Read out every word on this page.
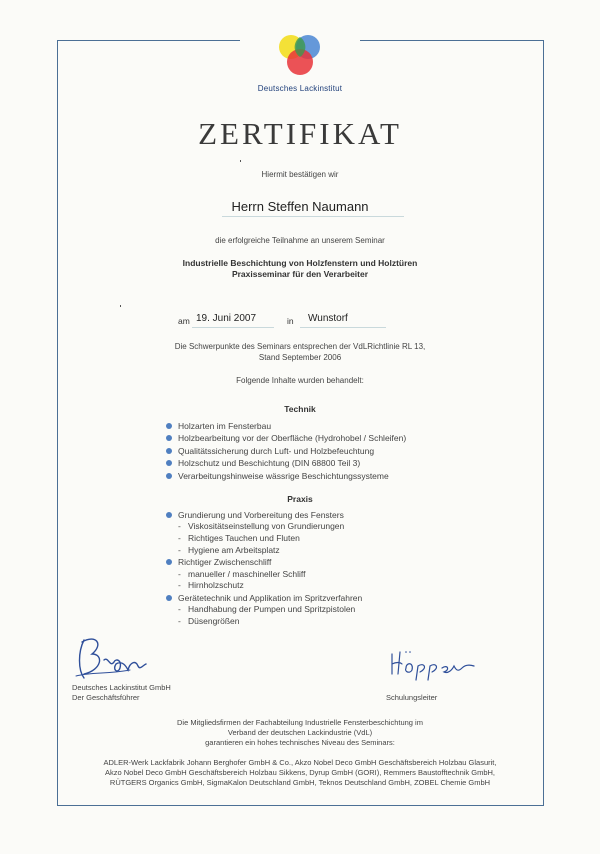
Deutsches Lackinstitut
ZERTIFIKAT
Hiermit bestätigen wir
Herrn Steffen Naumann
die erfolgreiche Teilnahme an unserem Seminar
Industrielle Beschichtung von Holzfenstern und Holztüren
Praxisseminar für den Verarbeiter
am 19. Juni 2007	in Wunstorf
Die Schwerpunkte des Seminars entsprechen der VdLRichtlinie RL 13,
Stand September 2006
Folgende Inhalte wurden behandelt:
Technik
Holzarten im Fensterbau
Holzbearbeitung vor der Oberfläche (Hydrohobel / Schleifen)
Qualitätssicherung durch Luft- und Holzbefeuchtung
Holzschutz und Beschichtung (DIN 68800 Teil 3)
Verarbeitungshinweise wässrige Beschichtungssysteme
Praxis
Grundierung und Vorbereitung des Fensters
- Viskositätseinstellung von Grundierungen
- Richtiges Tauchen und Fluten
- Hygiene am Arbeitsplatz
Richtiger Zwischenschliff
- manueller / maschineller Schliff
- Hirnholzschutz
Gerätetechnik und Applikation im Spritzverfahren
- Handhabung der Pumpen und Spritzpistolen
- Düsengrößen
Deutsches Lackinstitut GmbH
Der Geschäftsführer	Schulungsleiter
Die Mitgliedsfirmen der Fachabteilung Industrielle Fensterbeschichtung im
Verband der deutschen Lackindustrie (VdL)
garantieren ein hohes technisches Niveau des Seminars:
ADLER-Werk Lackfabrik Johann Berghofer GmbH & Co., Akzo Nobel Deco GmbH Geschäftsbereich Holzbau Glasurit,
Akzo Nobel Deco GmbH Geschäftsbereich Holzbau Sikkens, Dyrup GmbH (GORI), Remmers Baustofftechnik GmbH,
RÜTGERS Organics GmbH, SigmaKalon Deutschland GmbH, Teknos Deutschland GmbH, ZOBEL Chemie GmbH
